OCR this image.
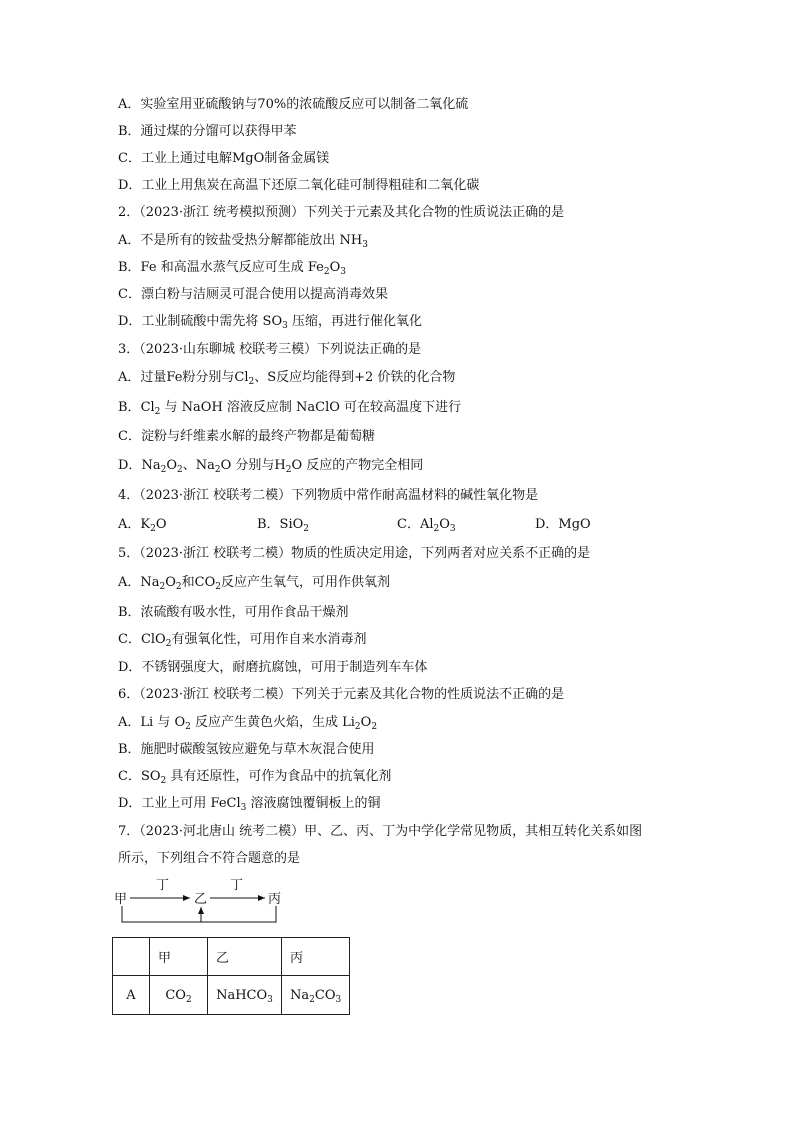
A．实验室用亚硫酸钠与70%的浓硫酸反应可以制备二氧化硫
B．通过煤的分馏可以获得甲苯
C．工业上通过电解MgO制备金属镁
D．工业上用焦炭在高温下还原二氧化硅可制得粗硅和二氧化碳
2．（2023·浙江 统考模拟预测）下列关于元素及其化合物的性质说法正确的是
A．不是所有的铵盐受热分解都能放出 $NH_3$
B．Fe 和高温水蒸气反应可生成 $Fe_2O_3$
C．漂白粉与洁厕灵可混合使用以提高消毒效果
D．工业制硫酸中需先将 $SO_3$ 压缩，再进行催化氧化
3．（2023·山东聊城 校联考三模）下列说法正确的是
A．过量Fe粉分别与$Cl_2$、S反应均能得到+2 价铁的化合物
B．$Cl_2$ 与 NaOH 溶液反应制 NaClO 可在较高温度下进行
C．淀粉与纤维素水解的最终产物都是葡萄糖
D．$Na_2O_2$、$Na_2O$ 分别与$H_2O$ 反应的产物完全相同
4．（2023·浙江 校联考二模）下列物质中常作耐高温材料的碱性氧化物是
A．$K_2O$	B．SiO$_2$	C．$Al_2O_3$	D．MgO
5．（2023·浙江 校联考二模）物质的性质决定用途，下列两者对应关系不正确的是
A．$Na_2O_2$和$CO_2$反应产生氧气，可用作供氧剂
B．浓硫酸有吸水性，可用作食品干燥剂
C．ClO$_2$有强氧化性，可用作自来水消毒剂
D．不锈钢强度大，耐磨抗腐蚀，可用于制造列车车体
6．（2023·浙江 校联考二模）下列关于元素及其化合物的性质说法不正确的是
A．Li 与 $O_2$ 反应产生黄色火焰，生成 $Li_2O_2$
B．施肥时碳酸氢铵应避免与草木灰混合使用
C．$SO_2$ 具有还原性，可作为食品中的抗氧化剂
D．工业上可用 FeCl$_3$ 溶液腐蚀覆铜板上的铜
7．（2023·河北唐山 统考二模）甲、乙、丙、丁为中学化学常见物质，其相互转化关系如图
所示，下列组合不符合题意的是
甲	乙	丙
丁	丁
	甲	乙	丙
A	$CO_2$	NaHCO$_3$	$Na_2CO_3$
